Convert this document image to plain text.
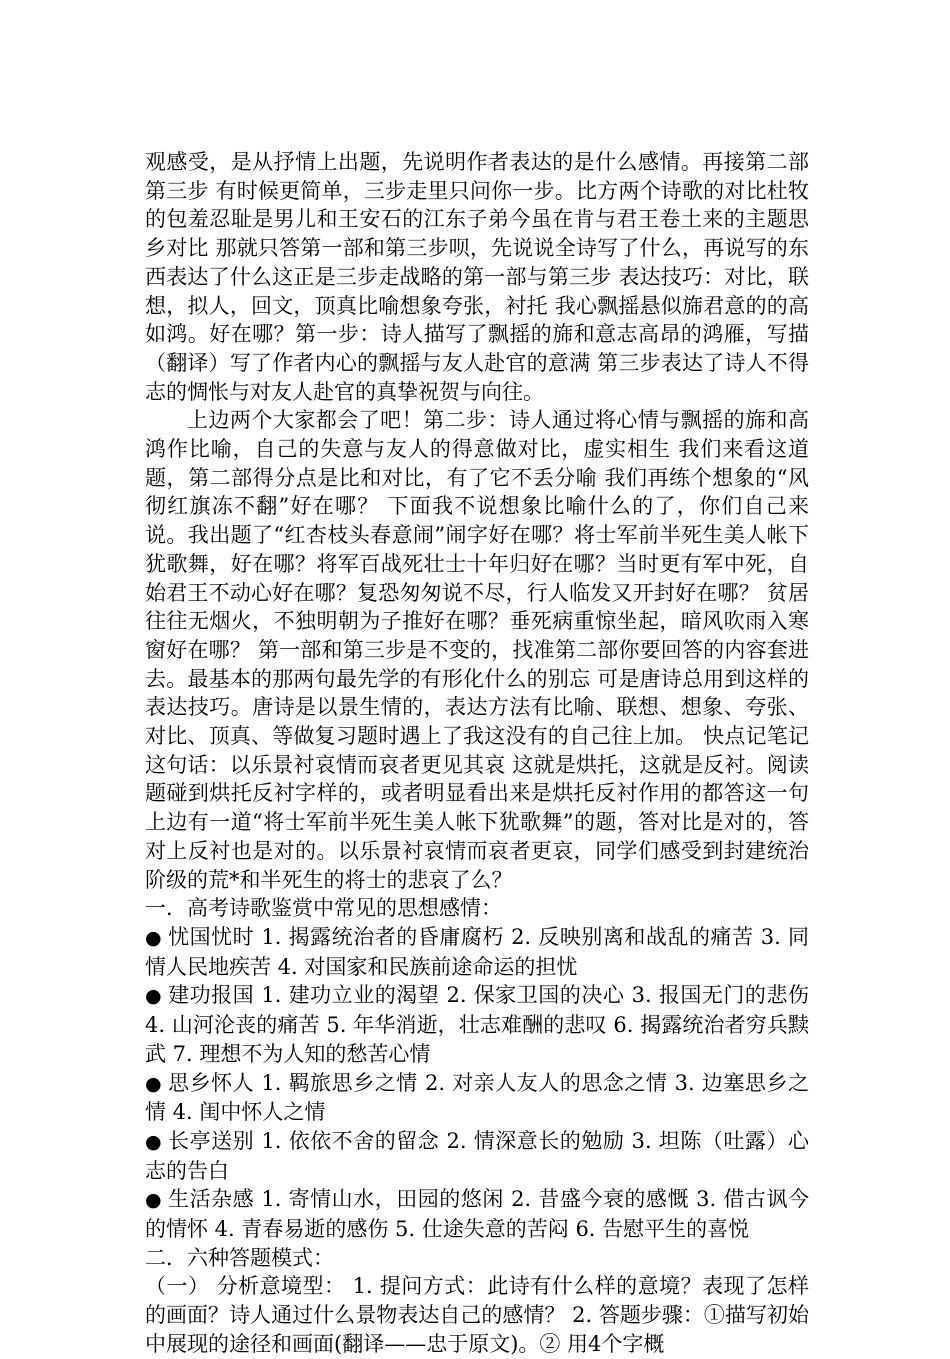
观感受，是从抒情上出题，先说明作者表达的是什么感情。再接第二部第三步 有时候更简单，三步走里只问你一步。比方两个诗歌的对比杜牧的包羞忍耻是男儿和王安石的江东子弟今虽在肯与君王卷土来的主题思乡对比 那就只答第一部和第三步呗，先说说全诗写了什么，再说写的东西表达了什么这正是三步走战略的第一部与第三步 表达技巧：对比，联想，拟人，回文，顶真比喻想象夸张，衬托 我心飘摇悬似旆君意的的高如鸿。好在哪？第一步：诗人描写了飘摇的旆和意志高昂的鸿雁，写描（翻译）写了作者内心的飘摇与友人赴官的意满 第三步表达了诗人不得志的惆怅与对友人赴官的真挚祝贺与向往。

上边两个大家都会了吧！第二步：诗人通过将心情与飘摇的旆和高鸿作比喻，自己的失意与友人的得意做对比，虚实相生 我们来看这道题，第二部得分点是比和对比，有了它不丢分喻 我们再练个想象的“风彻红旗冻不翻”好在哪？ 下面我不说想象比喻什么的了，你们自己来说。我出题了“红杏枝头春意闹”闹字好在哪？将士军前半死生美人帐下犹歌舞，好在哪？将军百战死壮士十年归好在哪？当时更有军中死，自始君王不动心好在哪？复恐匆匆说不尽，行人临发又开封好在哪？ 贫居往往无烟火，不独明朝为子推好在哪？垂死病重惊坐起，暗风吹雨入寒窗好在哪？ 第一部和第三步是不变的，找准第二部你要回答的内容套进去。最基本的那两句最先学的有形化什么的别忘 可是唐诗总用到这样的表达技巧。唐诗是以景生情的，表达方法有比喻、联想、想象、夸张、对比、顶真、等做复习题时遇上了我这没有的自己往上加。 快点记笔记这句话：以乐景衬哀情而哀者更见其哀 这就是烘托，这就是反衬。阅读题碰到烘托反衬字样的，或者明显看出来是烘托反衬作用的都答这一句 上边有一道“将士军前半死生美人帐下犹歌舞”的题，答对比是对的，答对上反衬也是对的。以乐景衬哀情而哀者更哀，同学们感受到封建统治阶级的荒*和半死生的将士的悲哀了么？

一．高考诗歌鉴赏中常见的思想感情：

● 忧国忧时 1. 揭露统治者的昏庸腐朽 2. 反映别离和战乱的痛苦 3. 同情人民地疾苦 4. 对国家和民族前途命运的担忧

● 建功报国 1. 建功立业的渴望 2. 保家卫国的决心 3. 报国无门的悲伤 4. 山河沦丧的痛苦 5. 年华消逝，壮志难酬的悲叹 6. 揭露统治者穷兵黩武 7. 理想不为人知的愁苦心情

● 思乡怀人 1. 羁旅思乡之情 2. 对亲人友人的思念之情 3. 边塞思乡之情 4. 闺中怀人之情

● 长亭送别 1. 依依不舍的留念 2. 情深意长的勉励 3. 坦陈（吐露）心志的告白

● 生活杂感 1. 寄情山水，田园的悠闲 2. 昔盛今衰的感慨 3. 借古讽今的情怀 4. 青春易逝的感伤 5. 仕途失意的苦闷 6. 告慰平生的喜悦

二．六种答题模式：

（一） 分析意境型： 1. 提问方式：此诗有什么样的意境？表现了怎样的画面？诗人通过什么景物表达自己的感情？ 2. 答题步骤：①描写初始中展现的途径和画面(翻译——忠于原文)。② 用4个字概
